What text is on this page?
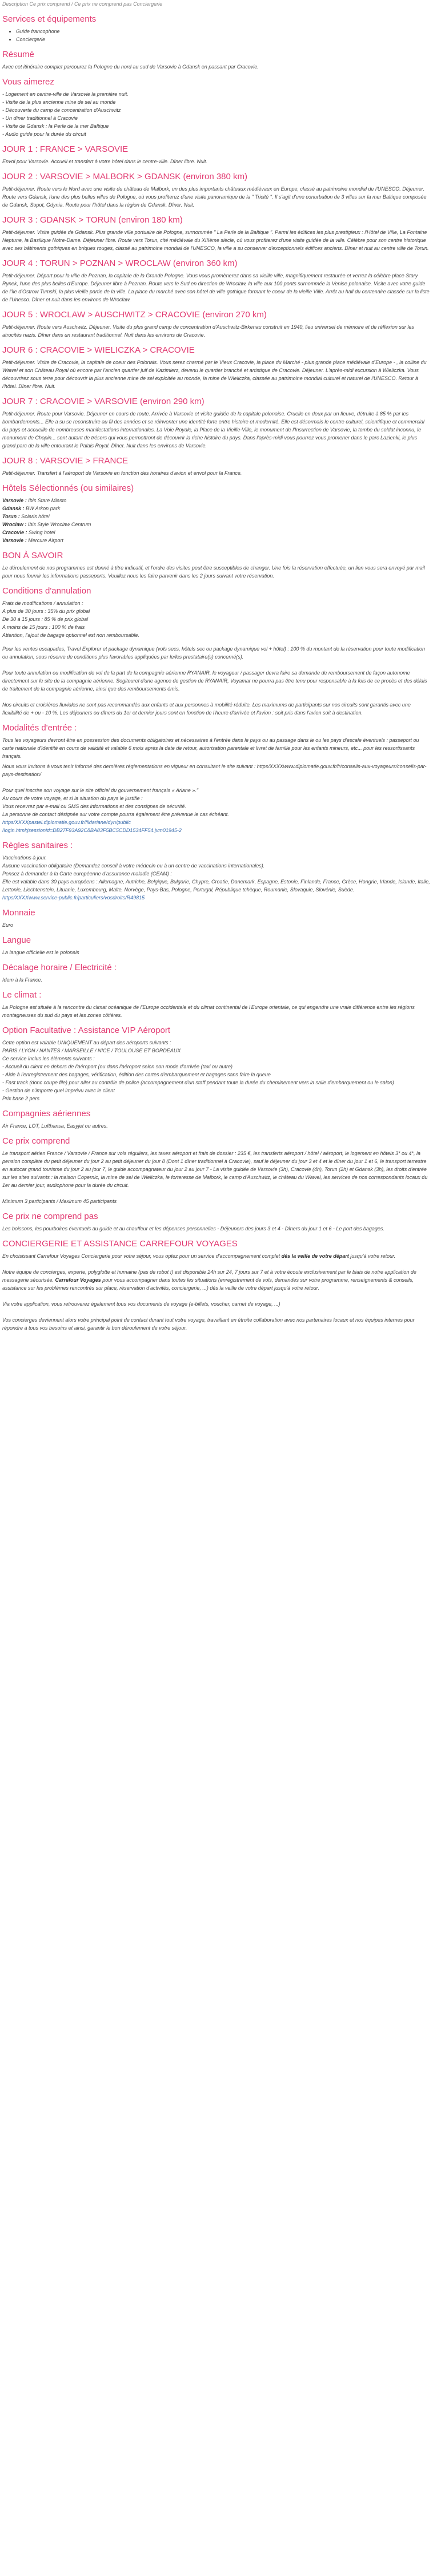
Description Ce prix comprend / Ce prix ne comprend pas Conciergerie

Services et équipements
• Guide francophone
• Conciergerie
Résumé

Avec cet itinéraire complet parcourez la Pologne du nord au sud de Varsovie à Gdansk en passant par Cracovie.

Vous aimerez
- Logement en centre-ville de Varsovie la première nuit.
- Visite de la plus ancienne mine de sel au monde
- Découverte du camp de concentration d'Auschwitz
- Un dîner traditionnel à Cracovie
- Visite de Gdansk : la Perle de la mer Baltique
- Audio guide pour la durée du circuit
JOUR 1 : FRANCE > VARSOVIE

Envol pour Varsovie. Accueil et transfert à votre hôtel dans le centre-ville. Dîner libre. Nuit.

JOUR 2 : VARSOVIE > MALBORK > GDANSK (environ 380 km)

Petit-déjeuner. Route vers le Nord avec une visite du château de Malbork, un des plus importants châteaux médiévaux en Europe, classé au patrimoine mondial de l'UNESCO. Déjeuner. Route vers Gdansk, l'une des plus belles villes de Pologne, où vous profiterez d'une visite panoramique de la " Tricité ". Il s'agit d'une conurbation de 3 villes sur la mer Baltique composée de Gdansk, Sopot, Gdynia. Route pour l'hôtel dans la région de Gdansk. Dîner. Nuit.

JOUR 3 : GDANSK > TORUN (environ 180 km)

Petit-déjeuner. Visite guidée de Gdansk. Plus grande ville portuaire de Pologne, surnommée " La Perle de la Baltique ". Parmi les édifices les plus prestigieux : l'Hôtel de Ville, La Fontaine Neptune, la Basilique Notre-Dame. Déjeuner libre. Route vers Torun, cité médiévale du XIIIème siècle, où vous profiterez d'une visite guidée de la ville. Célèbre pour son centre historique avec ses bâtiments gothiques en briques rouges, classé au patrimoine mondial de l'UNESCO, la ville a su conserver d'exceptionnels édifices anciens. Dîner et nuit au centre ville de Torun.

JOUR 4 : TORUN > POZNAN > WROCLAW (environ 360 km)

Petit-déjeuner. Départ pour la ville de Poznan, la capitale de la Grande Pologne. Vous vous promènerez dans sa vieille ville, magnifiquement restaurée et verrez la célèbre place Stary Rynek, l'une des plus belles d'Europe. Déjeuner libre à Poznan. Route vers le Sud en direction de Wroclaw, la ville aux 100 ponts surnommée la Venise polonaise. Visite avec votre guide de l'île d'Ostrow Tumski, la plus vieille partie de la ville. La place du marché avec son hôtel de ville gothique formant le coeur de la vieille Ville. Arrêt au hall du centenaire classée sur la liste de l'Unesco. Dîner et nuit dans les environs de Wroclaw.

JOUR 5 : WROCLAW > AUSCHWITZ > CRACOVIE (environ 270 km)

Petit-déjeuner. Route vers Auschwitz. Déjeuner. Visite du plus grand camp de concentration d'Auschwitz-Birkenau construit en 1940, lieu universel de mémoire et de réflexion sur les atrocités nazis. Dîner dans un restaurant traditionnel. Nuit dans les environs de Cracovie.

JOUR 6 : CRACOVIE > WIELICZKA > CRACOVIE

Petit-déjeuner. Visite de Cracovie, la capitale de coeur des Polonais. Vous serez charmé par le Vieux Cracovie, la place du Marché - plus grande place médiévale d'Europe - , la colline du Wawel et son Château Royal où encore par l'ancien quartier juif de Kazimierz, devenu le quartier branché et artistique de Cracovie. Déjeuner. L'après-midi excursion à Wieliczka. Vous découvrirez sous terre pour découvrir la plus ancienne mine de sel exploitée au monde, la mine de Wieliczka, classée au patrimoine mondial culturel et naturel de l'UNESCO. Retour à l'hôtel. Dîner libre. Nuit.

JOUR 7 : CRACOVIE > VARSOVIE (environ 290 km)

Petit-déjeuner. Route pour Varsovie. Déjeuner en cours de route. Arrivée à Varsovie et visite guidée de la capitale polonaise. Cruelle en deux par un fleuve, détruite à 85 % par les bombardements... Elle a su se reconstruire au fil des années et se réinventer une identité forte entre histoire et modernité. Elle est désormais le centre culturel, scientifique et commercial du pays et accueille de nombreuses manifestations internationales. La Voie Royale, la Place de la Vieille-Ville, le monument de l'Insurrection de Varsovie, la tombe du soldat inconnu, le monument de Chopin... sont autant de trésors qui vous permettront de découvrir la riche histoire du pays. Dans l'après-midi vous pourrez vous promener dans le parc Lazienki, le plus grand parc de la ville entourant le Palais Royal. Dîner. Nuit dans les environs de Varsovie.

JOUR 8 : VARSOVIE > FRANCE

Petit-déjeuner. Transfert à l'aéroport de Varsovie en fonction des horaires d'avion et envol pour la France.

Hôtels Sélectionnés (ou similaires)
Varsovie : Ibis Stare Miasto
Gdansk : BW Arkon park
Torun : Solaris hôtel
Wroclaw : Ibis Style Wroclaw Centrum
Cracovie : Swing hotel
Varsovie : Mercure Airport
BON À SAVOIR

Le déroulement de nos programmes est donné à titre indicatif, et l'ordre des visites peut être susceptibles de changer. Une fois la réservation effectuée, un lien vous sera envoyé par mail pour nous fournir les informations passeports. Veuillez nous les faire parvenir dans les 2 jours suivant votre réservation.

Conditions d'annulation
Frais de modifications / annulation :
A plus de 30 jours : 35% du prix global
De 30 à 15 jours : 85 % de prix global
A moins de 15 jours : 100 % de frais
Attention, l'ajout de bagage optionnel est non remboursable.

Pour les ventes escapades, Travel Explorer et package dynamique (vols secs, hôtels sec ou package dynamique vol + hôtel) : 100 % du montant de la réservation pour toute modification ou annulation, sous réserve de conditions plus favorables appliquées par le/les prestataire(s) concerné(s).

Pour toute annulation ou modification de vol de la part de la compagnie aérienne RYANAIR, le voyageur / passager devra faire sa demande de remboursement de façon autonome directement sur le site de la compagnie aérienne. Sogitourel d'une agence de gestion de RYANAIR, Voyamar ne pourra pas être tenu pour responsable à la fois de ce procès et des délais de traitement de la compagnie aérienne, ainsi que des remboursements émis.

Nos circuits et croisières fluviales ne sont pas recommandés aux enfants et aux personnes à mobilité réduite. Les maximums de participants sur nos circuits sont garantis avec une flexibilité de + ou - 10 %. Les déjeuners ou dîners du 1er et dernier jours sont en fonction de l'heure d'arrivée et l'avion : soit pris dans l'avion soit à destination.

Modalités d'entrée :

Tous les voyageurs devront être en possession des documents obligatoires et nécessaires à l'entrée dans le pays ou au passage dans le ou les pays d'escale éventuels : passeport ou carte nationale d'identité en cours de validité et valable 6 mois après la date de retour, autorisation parentale et livret de famille pour les enfants mineurs, etc... pour les ressortissants français.

Nous vous invitons à vous tenir informé des dernières réglementations en vigueur en consultant le site suivant : https/XXXXwww.diplomatie.gouv.fr/fr/conseils-aux-voyageurs/conseils-par-pays-destination/

Pour quel inscrire son voyage sur le site officiel du gouvernement français « Ariane »."
Au cours de votre voyage, et si la situation du pays le justifie :
Vous recevrez par e-mail ou SMS des informations et des consignes de sécurité.
La personne de contact désignée sur votre compte pourra également être prévenue le cas échéant.
https/XXXXpastel.diplomatie.gouv.fr/fildariane/dyn/public
/login.html;jsessionid=DB27F93A92C8BA83F5BC5CDD1534FF54.jvm01945-2
Règles sanitaires :
Vaccinations à jour.
Aucune vaccination obligatoire (Demandez conseil à votre médecin ou à un centre de vaccinations internationales).
Pensez à demander à la Carte européenne d'assurance maladie (CEAM) :
Elle est valable dans 30 pays européens : Allemagne, Autriche, Belgique, Bulgarie, Chypre, Croatie, Danemark, Espagne, Estonie, Finlande, France, Grèce, Hongrie, Irlande, Islande, Italie, Lettonie, Liechtenstein, Lituanie, Luxembourg, Malte, Norvège, Pays-Bas, Pologne, Portugal, République tchèque, Roumanie, Slovaquie, Slovénie, Suède.
https/XXXXwww.service-public.fr/particuliers/vosdroits/R49815
Monnaie

Euro

Langue

La langue officielle est le polonais

Décalage horaire / Electricité :

Idem à la France.

Le climat :

La Pologne est située à la rencontre du climat océanique de l'Europe occidentale et du climat continental de l'Europe orientale, ce qui engendre une vraie différence entre les régions montagneuses du sud du pays et les zones côtières.

Option Facultative : Assistance VIP Aéroport
Cette option est valable UNIQUEMENT au départ des aéroports suivants :
PARIS / LYON / NANTES / MARSEILLE / NICE / TOULOUSE ET BORDEAUX
Ce service inclus les éléments suivants :
- Accueil du client en dehors de l'aéroport (ou dans l'aéroport selon son mode d'arrivée (taxi ou autre)
- Aide à l'enregistrement des bagages, vérification, édition des cartes d'embarquement et bagages sans faire la queue
- Fast track (donc coupe file) pour aller au contrôle de police (accompagnement d'un staff pendant toute la durée du cheminement vers la salle d'embarquement ou le salon)
- Gestion de n'importe quel imprévu avec le client
Prix base 2 pers
Compagnies aériennes

Air France, LOT, Lufthansa, Easyjet ou autres.

Ce prix comprend

Le transport aérien France / Varsovie / France sur vols réguliers, les taxes aéroport et frais de dossier : 235 €, les transferts aéroport / hôtel / aéroport, le logement en hôtels 3* ou 4*, la pension complète du petit déjeuner du jour 2 au petit déjeuner du jour 8 (Dont 1 dîner traditionnel à Cracovie), sauf le déjeuner du jour 3 et 4 et le dîner du jour 1 et 6, le transport terrestre en autocar grand tourisme du jour 2 au jour 7, le guide accompagnateur du jour 2 au jour 7 - La visite guidée de Varsovie (3h), Cracovie (4h), Torun (2h) et Gdansk (3h), les droits d'entrée sur les sites suivants : la maison Copernic, la mine de sel de Wieliczka, le forteresse de Malbork, le camp d'Auschwitz, le château du Wawel, les services de nos correspondants locaux du 1er au dernier jour, audiophone pour la durée du circuit.

Minimum 3 participants / Maximum 45 participants

Ce prix ne comprend pas

Les boissons, les pourboires éventuels au guide et au chauffeur et les dépenses personnelles - Déjeuners des jours 3 et 4 - Dîners du jour 1 et 6 - Le port des bagages.

CONCIERGERIE ET ASSISTANCE CARREFOUR VOYAGES

En choisissant Carrefour Voyages Conciergerie pour votre séjour, vous optez pour un service d'accompagnement complet dès la veille de votre départ jusqu'à votre retour.

Notre équipe de concierges, experte, polyglotte et humaine (pas de robot !) est disponible 24h sur 24, 7 jours sur 7 et à votre écoute exclusivement par le biais de notre application de messagerie sécurisée. Carrefour Voyages pour vous accompagner dans toutes les situations (enregistrement de vols, demandes sur votre programme, renseignements & conseils, assistance sur les problèmes rencontrés sur place, réservation d'activités, conciergerie, ...) dès la veille de votre départ jusqu'à votre retour.

Via votre application, vous retrouverez également tous vos documents de voyage (e-billets, voucher, carnet de voyage, ...)

Vos concierges deviennent alors votre principal point de contact durant tout votre voyage, travaillant en étroite collaboration avec nos partenaires locaux et nos équipes internes pour répondre à tous vos besoins et ainsi, garantir le bon déroulement de votre séjour.
